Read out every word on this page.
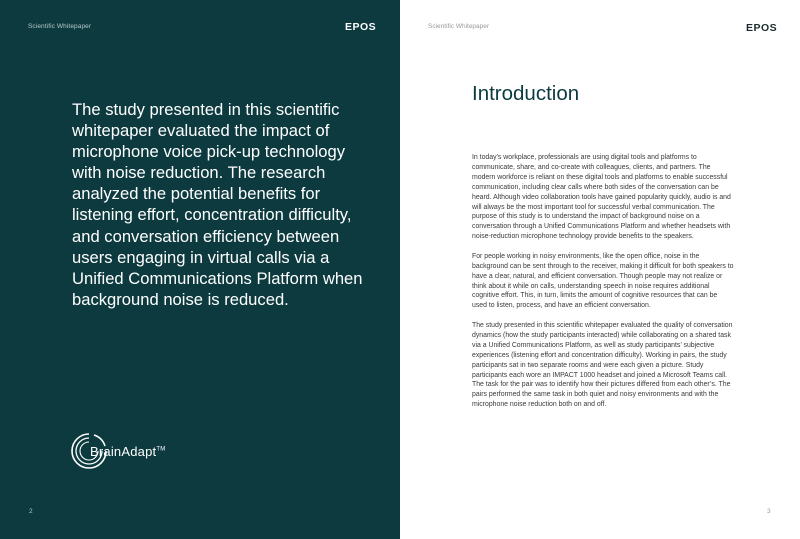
Scientific Whitepaper	EPOS
The study presented in this scientific whitepaper evaluated the impact of microphone voice pick-up technology with noise reduction. The research analyzed the potential benefits for listening effort, concentration difficulty, and conversation efficiency between users engaging in virtual calls via a Unified Communications Platform when background noise is reduced.
BrainAdapt™
2
Scientific Whitepaper	EPOS
Introduction

In today’s workplace, professionals are using digital tools and platforms to communicate, share, and co-create with colleagues, clients, and partners. The modern workforce is reliant on these digital tools and platforms to enable successful communication, including clear calls where both sides of the conversation can be heard. Although video collaboration tools have gained popularity quickly, audio is and will always be the most important tool for successful verbal communication. The purpose of this study is to understand the impact of background noise on a conversation through a Unified Communications Platform and whether headsets with noise-reduction microphone technology provide benefits to the speakers.

For people working in noisy environments, like the open office, noise in the background can be sent through to the receiver, making it difficult for both speakers to have a clear, natural, and efficient conversation. Though people may not realize or think about it while on calls, understanding speech in noise requires additional cognitive effort. This, in turn, limits the amount of cognitive resources that can be used to listen, process, and have an efficient conversation.

The study presented in this scientific whitepaper evaluated the quality of conversation dynamics (how the study participants interacted) while collaborating on a shared task via a Unified Communications Platform, as well as study participants’ subjective experiences (listening effort and concentration difficulty). Working in pairs, the study participants sat in two separate rooms and were each given a picture. Study participants each wore an IMPACT 1000 headset and joined a Microsoft Teams call. The task for the pair was to identify how their pictures differed from each other’s. The pairs performed the same task in both quiet and noisy environments and with the microphone noise reduction both on and off.

3
